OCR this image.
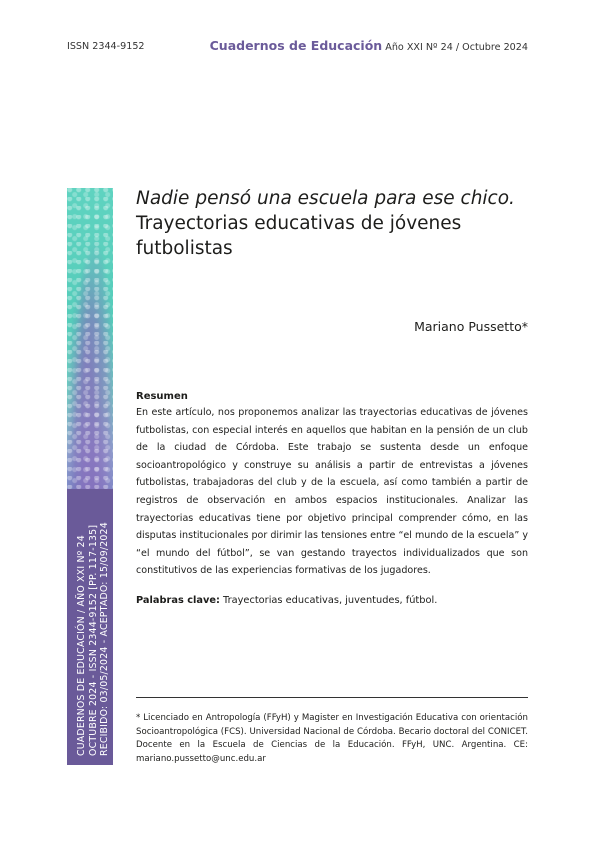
ISSN 2344-9152	Cuadernos de Educación Año XXI Nº 24 / Octubre 2024
CUADERNOS DE EDUCACIÓN / AÑO XXI Nº 24 OCTUBRE 2024 - ISSN 2344-9152 [PP. 117-135] RECIBIDO: 03/05/2024 - ACEPTADO: 15/09/2024
Nadie pensó una escuela para ese chico.
Trayectorias educativas de jóvenes futbolistas
Mariano Pussetto*
Resumen

En este artículo, nos proponemos analizar las trayectorias educativas de jóvenes futbolistas, con especial interés en aquellos que habitan en la pensión de un club de la ciudad de Córdoba. Este trabajo se sustenta desde un enfoque socioantropológico y construye su análisis a partir de entrevistas a jóvenes futbolistas, trabajadoras del club y de la escuela, así como también a partir de registros de observación en ambos espacios institucionales. Analizar las trayectorias educativas tiene por objetivo principal comprender cómo, en las disputas institucionales por dirimir las tensiones entre “el mundo de la escuela” y “el mundo del fútbol”, se van gestando trayectos individualizados que son constitutivos de las experiencias formativas de los jugadores.

Palabras clave: Trayectorias educativas, juventudes, fútbol.

* Licenciado en Antropología (FFyH) y Magister en Investigación Educativa con orientación Socioantropológica (FCS). Universidad Nacional de Córdoba. Becario doctoral del CONICET. Docente en la Escuela de Ciencias de la Educación. FFyH, UNC. Argentina. CE: mariano.pussetto@unc.edu.ar
